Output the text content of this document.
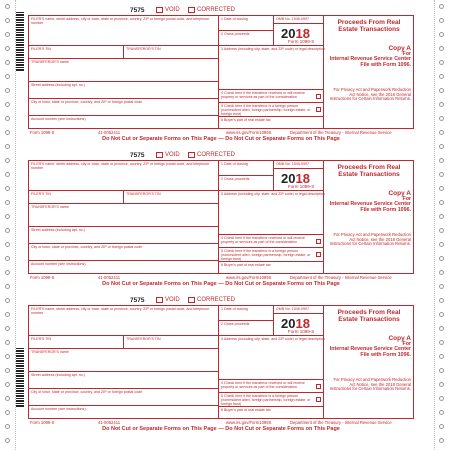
7575	VOID	CORRECTED
FILER'S name, street address, city or town, state or province, country, ZIP or foreign postal code, and telephone number
FILER'S TIN	TRANSFEROR'S TIN
TRANSFEROR'S name
Street address (including apt. no.)
City or town, state or province, country, and ZIP or foreign postal code
Account number (see instructions)
1 Date of closing	OMB No. 1545-0997
2018
Form 1099-S
2 Gross proceeds
3 Address (including city, state, and ZIP code) or legal description
4 Check here if the transferor received or will receive property or services as part of the consideration
5 Check here if the transferor is a foreign person (nonresident alien, foreign partnership, foreign estate, or foreign trust)
6 Buyer's part of real estate tax
Proceeds From Real Estate Transactions
Copy A
For
Internal Revenue Service Center
File with Form 1096.
For Privacy Act and Paperwork Reduction Act Notice, see the 2018 General Instructions for Certain Information Returns.
Form 1099-S	41-0052411	www.irs.gov/Form1099S	Department of the Treasury - Internal Revenue Service
Do Not Cut or Separate Forms on This Page — Do Not Cut or Separate Forms on This Page
7575	VOID	CORRECTED
FILER'S name, street address, city or town, state or province, country, ZIP or foreign postal code, and telephone number
FILER'S TIN	TRANSFEROR'S TIN
TRANSFEROR'S name
Street address (including apt. no.)
City or town, state or province, country, and ZIP or foreign postal code
Account number (see instructions)
1 Date of closing	OMB No. 1545-0997
2018
Form 1099-S
2 Gross proceeds
3 Address (including city, state, and ZIP code) or legal description
4 Check here if the transferor received or will receive property or services as part of the consideration
5 Check here if the transferor is a foreign person (nonresident alien, foreign partnership, foreign estate, or foreign trust)
6 Buyer's part of real estate tax
Proceeds From Real Estate Transactions
Copy A
For
Internal Revenue Service Center
File with Form 1096.
For Privacy Act and Paperwork Reduction Act Notice, see the 2018 General Instructions for Certain Information Returns.
Form 1099-S	41-0052411	www.irs.gov/Form1099S	Department of the Treasury - Internal Revenue Service
Do Not Cut or Separate Forms on This Page — Do Not Cut or Separate Forms on This Page
7575	VOID	CORRECTED
FILER'S name, street address, city or town, state or province, country, ZIP or foreign postal code, and telephone number
FILER'S TIN	TRANSFEROR'S TIN
TRANSFEROR'S name
Street address (including apt. no.)
City or town, state or province, country, and ZIP or foreign postal code
Account number (see instructions)
1 Date of closing	OMB No. 1545-0997
2018
Form 1099-S
2 Gross proceeds
3 Address (including city, state, and ZIP code) or legal description
4 Check here if the transferor received or will receive property or services as part of the consideration
5 Check here if the transferor is a foreign person (nonresident alien, foreign partnership, foreign estate, or foreign trust)
6 Buyer's part of real estate tax
Proceeds From Real Estate Transactions
Copy A
For
Internal Revenue Service Center
File with Form 1096.
For Privacy Act and Paperwork Reduction Act Notice, see the 2018 General Instructions for Certain Information Returns.
Form 1099-S	41-0052411	www.irs.gov/Form1099S	Department of the Treasury - Internal Revenue Service
Do Not Cut or Separate Forms on This Page — Do Not Cut or Separate Forms on This Page
